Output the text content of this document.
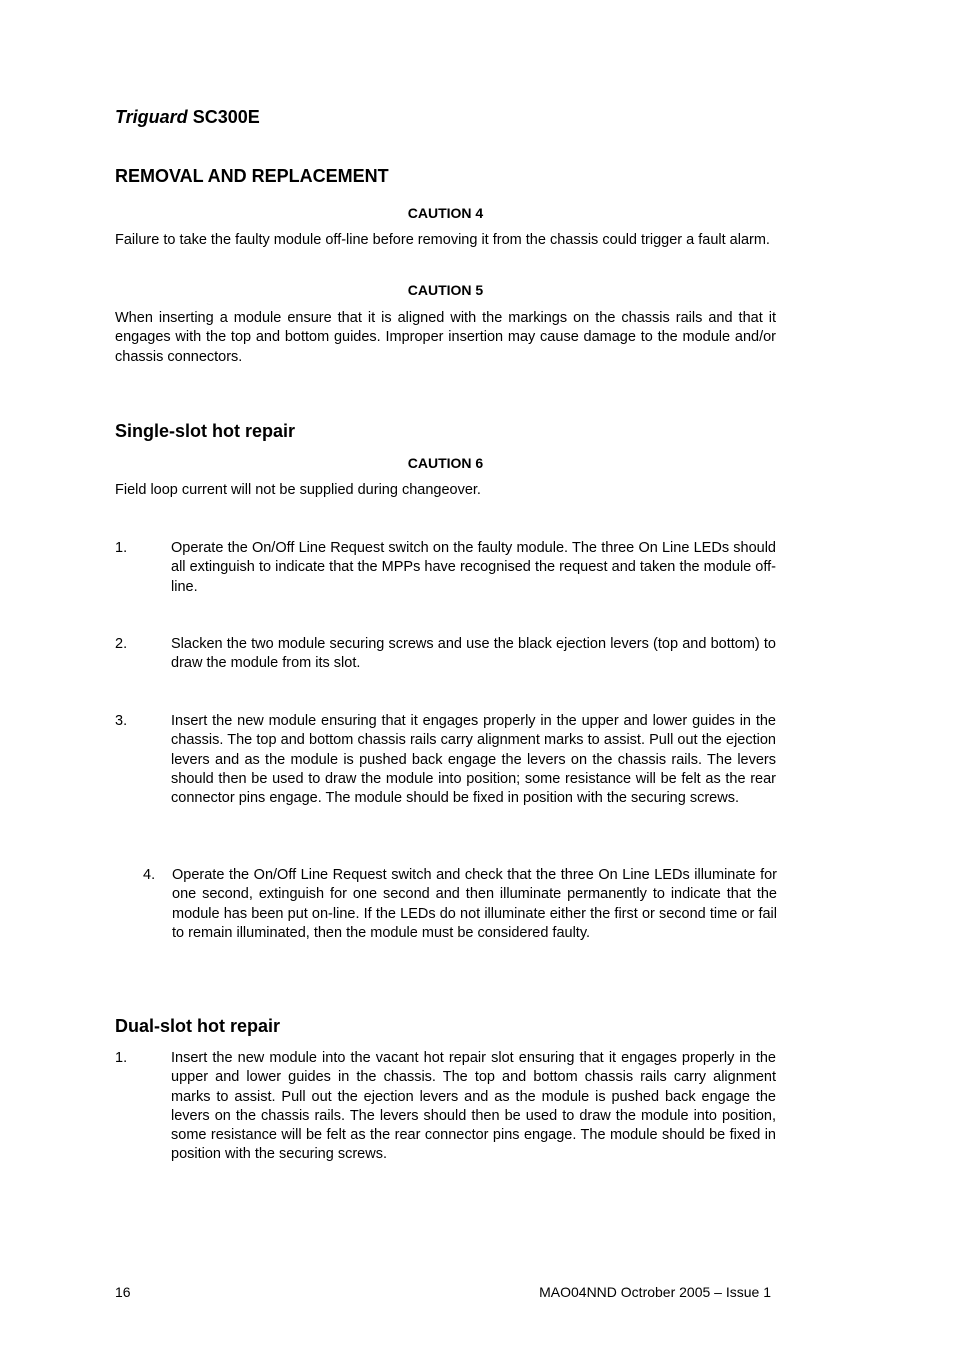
Triguard SC300E
REMOVAL AND REPLACEMENT
CAUTION 4
Failure to take the faulty module off-line before removing it from the chassis could trigger a fault alarm.
CAUTION 5
When inserting a module ensure that it is aligned with the markings on the chassis rails and that it engages with the top and bottom guides. Improper insertion may cause damage to the module and/or chassis connectors.
Single-slot hot repair
CAUTION 6
Field loop current will not be supplied during changeover.
1.	Operate the On/Off Line Request switch on the faulty module. The three On Line LEDs should all extinguish to indicate that the MPPs have recognised the request and taken the module off-line.
2.	Slacken the two module securing screws and use the black ejection levers (top and bottom) to draw the module from its slot.
3.	Insert the new module ensuring that it engages properly in the upper and lower guides in the chassis. The top and bottom chassis rails carry alignment marks to assist. Pull out the ejection levers and as the module is pushed back engage the levers on the chassis rails. The levers should then be used to draw the module into position; some resistance will be felt as the rear connector pins engage. The module should be fixed in position with the securing screws.
4. Operate the On/Off Line Request switch and check that the three On Line LEDs illuminate for one second, extinguish for one second and then illuminate permanently to indicate that the module has been put on-line. If the LEDs do not illuminate either the first or second time or fail to remain illuminated, then the module must be considered faulty.
Dual-slot hot repair
1.	Insert the new module into the vacant hot repair slot ensuring that it engages properly in the upper and lower guides in the chassis. The top and bottom chassis rails carry alignment marks to assist. Pull out the ejection levers and as the module is pushed back engage the levers on the chassis rails. The levers should then be used to draw the module into position, some resistance will be felt as the rear connector pins engage. The module should be fixed in position with the securing screws.
16	MAO04NND Octrober 2005 – Issue 1
